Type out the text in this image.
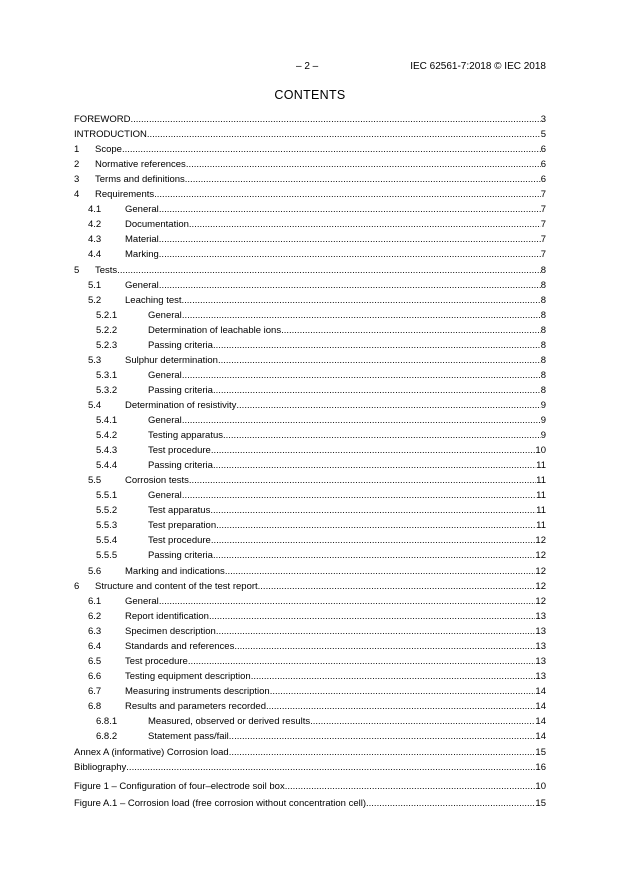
– 2 –	IEC 62561-7:2018 © IEC 2018
CONTENTS
FOREWORD .....	3
INTRODUCTION .....	5
1 Scope .....	6
2 Normative references .....	6
3 Terms and definitions .....	6
4 Requirements .....	7
4.1	General .....	7
4.2	Documentation .....	7
4.3	Material .....	7
4.4	Marking .....	7
5 Tests .....	8
5.1	General .....	8
5.2	Leaching test .....	8
5.2.1	General .....	8
5.2.2	Determination of leachable ions .....	8
5.2.3	Passing criteria .....	8
5.3	Sulphur determination .....	8
5.3.1	General .....	8
5.3.2	Passing criteria .....	8
5.4	Determination of resistivity .....	9
5.4.1	General .....	9
5.4.2	Testing apparatus .....	9
5.4.3	Test procedure .....	10
5.4.4	Passing criteria .....	11
5.5	Corrosion tests .....	11
5.5.1	General .....	11
5.5.2	Test apparatus .....	11
5.5.3	Test preparation .....	11
5.5.4	Test procedure .....	12
5.5.5	Passing criteria .....	12
5.6	Marking and indications .....	12
6 Structure and content of the test report .....	12
6.1	General .....	12
6.2	Report identification .....	13
6.3	Specimen description .....	13
6.4	Standards and references .....	13
6.5	Test procedure .....	13
6.6	Testing equipment description .....	13
6.7	Measuring instruments description .....	14
6.8	Results and parameters recorded .....	14
6.8.1	Measured, observed or derived results .....	14
6.8.2	Statement pass/fail .....	14
Annex A (informative) Corrosion load .....	15
Bibliography .....	16
Figure 1 – Configuration of four–electrode soil box .....	10
Figure A.1 – Corrosion load (free corrosion without concentration cell) .....	15
